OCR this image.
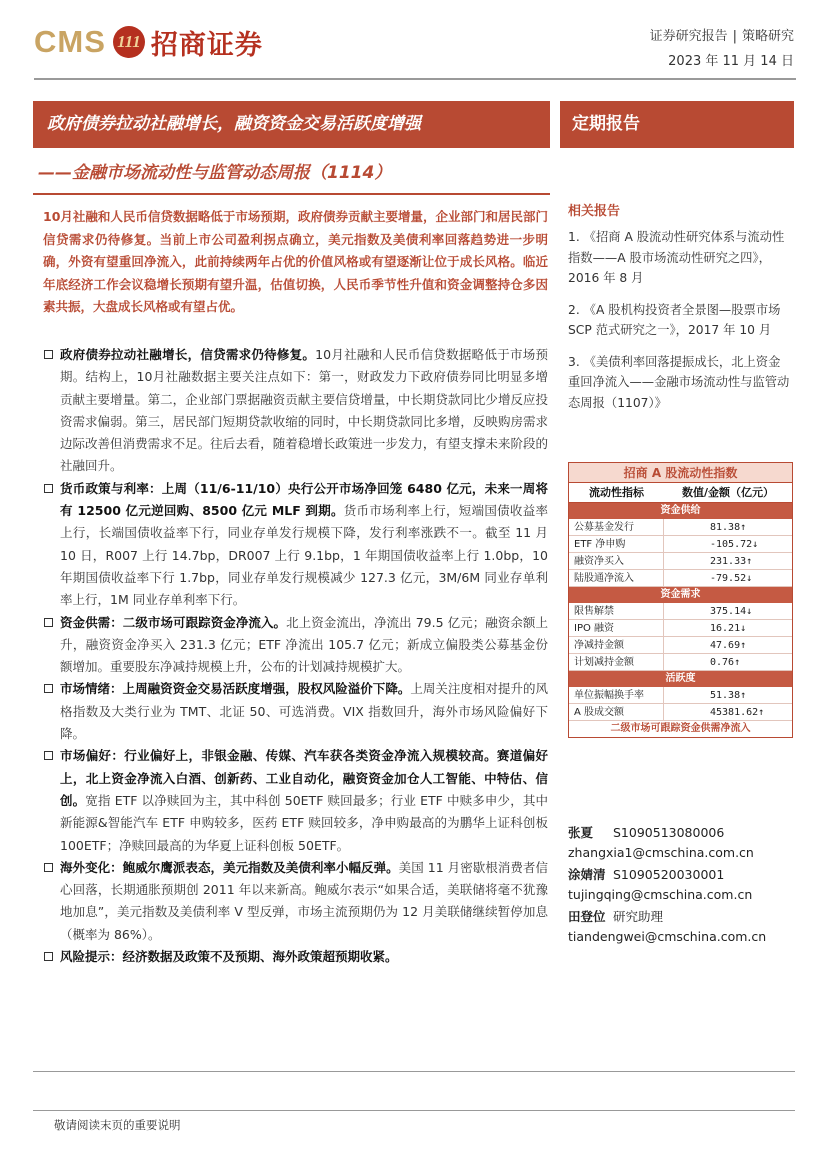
CMS 111 招商证券	证券研究报告 | 策略研究
2023 年 11 月 14 日
政府债券拉动社融增长，融资资金交易活跃度增强	定期报告
——金融市场流动性与监管动态周报（1114）
10月社融和人民币信贷数据略低于市场预期，政府债券贡献主要增量，企业部门和居民部门信贷需求仍待修复。当前上市公司盈利拐点确立，美元指数及美债利率回落趋势进一步明确，外资有望重回净流入，此前持续两年占优的价值风格或有望逐渐让位于成长风格。临近年底经济工作会议稳增长预期有望升温，估值切换，人民币季节性升值和资金调整持仓多因素共振，大盘成长风格或有望占优。
政府债券拉动社融增长，信贷需求仍待修复。10月社融和人民币信贷数据略低于市场预期。结构上，10月社融数据主要关注点如下：第一，财政发力下政府债券同比明显多增贡献主要增量。第二，企业部门票据融资贡献主要信贷增量，中长期贷款同比少增反应投资需求偏弱。第三，居民部门短期贷款收缩的同时，中长期贷款同比多增，反映购房需求边际改善但消费需求不足。往后去看，随着稳增长政策进一步发力，有望支撑未来阶段的社融回升。
货币政策与利率：上周（11/6-11/10）央行公开市场净回笼 6480 亿元，未来一周将有 12500 亿元逆回购、8500 亿元 MLF 到期。货币市场利率上行，短端国债收益率上行，长端国债收益率下行，同业存单发行规模下降，发行利率涨跌不一。截至 11 月 10 日，R007 上行 14.7bp，DR007 上行 9.1bp，1 年期国债收益率上行 1.0bp，10 年期国债收益率下行 1.7bp，同业存单发行规模减少 127.3 亿元，3M/6M 同业存单利率上行，1M 同业存单利率下行。
资金供需：二级市场可跟踪资金净流入。北上资金流出，净流出 79.5 亿元；融资余额上升，融资资金净买入 231.3 亿元；ETF 净流出 105.7 亿元；新成立偏股类公募基金份额增加。重要股东净减持规模上升，公布的计划减持规模扩大。
市场情绪：上周融资资金交易活跃度增强，股权风险溢价下降。上周关注度相对提升的风格指数及大类行业为 TMT、北证 50、可选消费。VIX 指数回升，海外市场风险偏好下降。
市场偏好：行业偏好上，非银金融、传媒、汽车获各类资金净流入规模较高。赛道偏好上，北上资金净流入白酒、创新药、工业自动化，融资资金加仓人工智能、中特估、信创。宽指 ETF 以净赎回为主，其中科创 50ETF 赎回最多；行业 ETF 中赎多申少，其中新能源&智能汽车 ETF 申购较多，医药 ETF 赎回较多，净申购最高的为鹏华上证科创板 100ETF；净赎回最高的为华夏上证科创板 50ETF。
海外变化：鲍威尔鹰派表态，美元指数及美债利率小幅反弹。美国 11 月密歇根消费者信心回落，长期通胀预期创 2011 年以来新高。鲍威尔表示“如果合适，美联储将毫不犹豫地加息”，美元指数及美债利率 V 型反弹，市场主流预期仍为 12 月美联储继续暂停加息（概率为 86%）。
风险提示：经济数据及政策不及预期、海外政策超预期收紧。
相关报告
1. 《招商 A 股流动性研究体系与流动性指数——A 股市场流动性研究之四》，2016 年 8 月
2. 《A 股机构投资者全景图—股票市场 SCP 范式研究之一》，2017 年 10 月
3. 《美债利率回落提振成长，北上资金重回净流入——金融市场流动性与监管动态周报（1107）》
招商 A 股流动性指数
流动性指标	数值/金额（亿元）
资金供给
公募基金发行	81.38↑
ETF 净申购	-105.72↓
融资净买入	231.33↑
陆股通净流入	-79.52↓
资金需求
限售解禁	375.14↓
IPO 融资	16.21↓
净减持金额	47.69↑
计划减持金额	0.76↑
活跃度
单位振幅换手率	51.38↑
A 股成交额	45381.62↑
二级市场可跟踪资金供需净流入
张夏	S1090513080006
zhangxia1@cmschina.com.cn
涂婧清 S1090520030001
tujingqing@cmschina.com.cn
田登位 研究助理
tiandengwei@cmschina.com.cn
敬请阅读末页的重要说明
